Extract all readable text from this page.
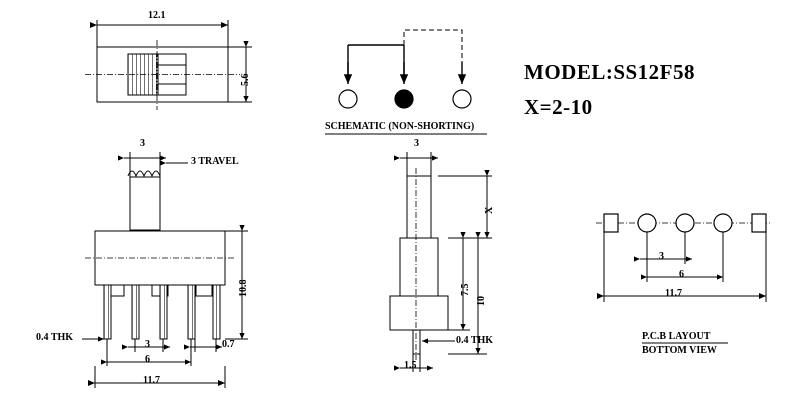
12.1
5.6
SCHEMATIC (NON-SHORTING)
MODEL:SS12F58
X=2-10
3
3 TRAVEL
10.8
0.4 THK
3
6
0.7
11.7
3
X
7.5
10
0.4 THK
1.5
3
6
11.7
P.C.B LAYOUT
BOTTOM VIEW
